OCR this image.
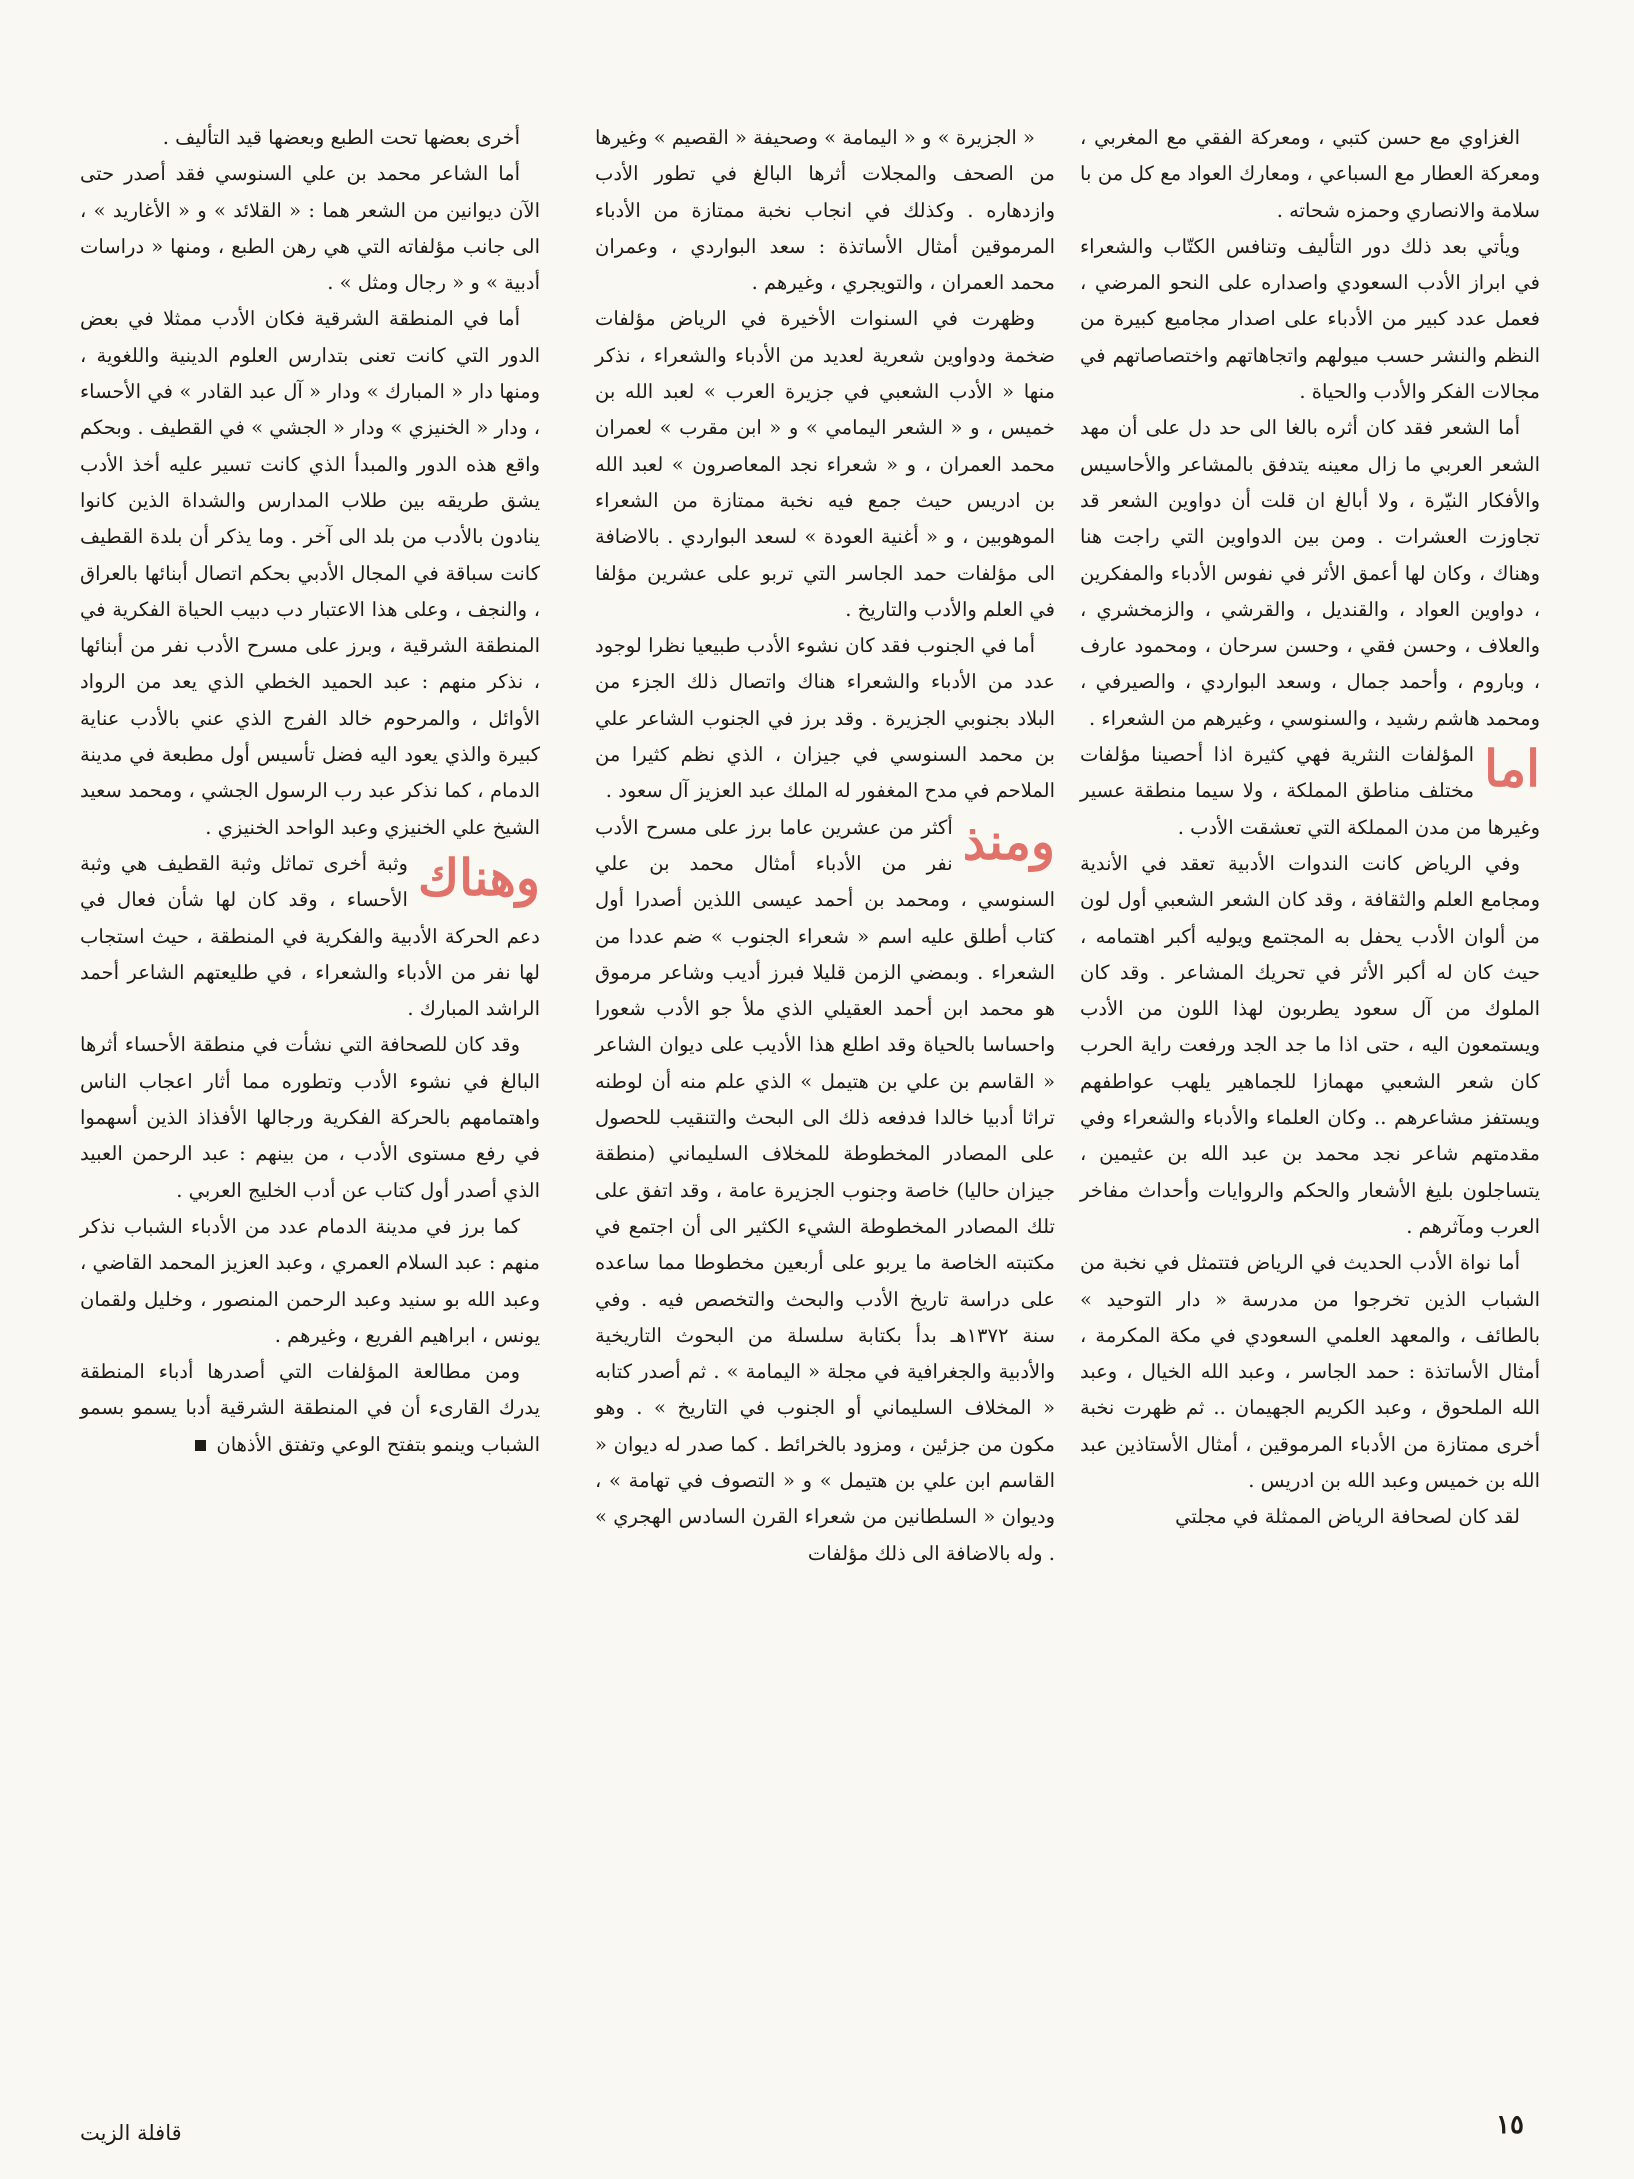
الغزاوي مع حسن كتبي ، ومعركة الفقي مع المغربي ، ومعركة العطار مع السباعي ، ومعارك العواد مع كل من با سلامة والانصاري وحمزه شحاته .

ويأتي بعد ذلك دور التأليف وتنافس الكتّاب والشعراء في ابراز الأدب السعودي واصداره على النحو المرضي ، فعمل عدد كبير من الأدباء على اصدار مجاميع كبيرة من النظم والنشر حسب ميولهم واتجاهاتهم واختصاصاتهم في مجالات الفكر والأدب والحياة .

أما الشعر فقد كان أثره بالغا الى حد دل على أن مهد الشعر العربي ما زال معينه يتدفق بالمشاعر والأحاسيس والأفكار النيّرة ، ولا أبالغ ان قلت أن دواوين الشعر قد تجاوزت العشرات . ومن بين الدواوين التي راجت هنا وهناك ، وكان لها أعمق الأثر في نفوس الأدباء والمفكرين ، دواوين العواد ، والقنديل ، والقرشي ، والزمخشري ، والعلاف ، وحسن فقي ، وحسن سرحان ، ومحمود عارف ، وباروم ، وأحمد جمال ، وسعد البواردي ، والصيرفي ، ومحمد هاشم رشيد ، والسنوسي ، وغيرهم من الشعراء .

اما
المؤلفات النثرية فهي كثيرة اذا أحصينا مؤلفات مختلف مناطق المملكة ، ولا سيما منطقة عسير وغيرها من مدن المملكة التي تعشقت الأدب .

وفي الرياض كانت الندوات الأدبية تعقد في الأندية ومجامع العلم والثقافة ، وقد كان الشعر الشعبي أول لون من ألوان الأدب يحفل به المجتمع ويوليه أكبر اهتمامه ، حيث كان له أكبر الأثر في تحريك المشاعر . وقد كان الملوك من آل سعود يطربون لهذا اللون من الأدب ويستمعون اليه ، حتى اذا ما جد الجد ورفعت راية الحرب كان شعر الشعبي مهمازا للجماهير يلهب عواطفهم ويستفز مشاعرهم .. وكان العلماء والأدباء والشعراء وفي مقدمتهم شاعر نجد محمد بن عبد الله بن عثيمين ، يتساجلون بليغ الأشعار والحكم والروايات وأحداث مفاخر العرب ومآثرهم .

أما نواة الأدب الحديث في الرياض فتتمثل في نخبة من الشباب الذين تخرجوا من مدرسة « دار التوحيد » بالطائف ، والمعهد العلمي السعودي في مكة المكرمة ، أمثال الأساتذة : حمد الجاسر ، وعبد الله الخيال ، وعبد الله الملحوق ، وعبد الكريم الجهيمان .. ثم ظهرت نخبة أخرى ممتازة من الأدباء المرموقين ، أمثال الأستاذين عبد الله بن خميس وعبد الله بن ادريس .

لقد كان لصحافة الرياض الممثلة في مجلتي

« الجزيرة » و « اليمامة » وصحيفة « القصيم » وغيرها من الصحف والمجلات أثرها البالغ في تطور الأدب وازدهاره . وكذلك في انجاب نخبة ممتازة من الأدباء المرموقين أمثال الأساتذة : سعد البواردي ، وعمران محمد العمران ، والتويجري ، وغيرهم .

وظهرت في السنوات الأخيرة في الرياض مؤلفات ضخمة ودواوين شعرية لعديد من الأدباء والشعراء ، نذكر منها « الأدب الشعبي في جزيرة العرب » لعبد الله بن خميس ، و « الشعر اليمامي » و « ابن مقرب » لعمران محمد العمران ، و « شعراء نجد المعاصرون » لعبد الله بن ادريس حيث جمع فيه نخبة ممتازة من الشعراء الموهوبين ، و « أغنية العودة » لسعد البواردي . بالاضافة الى مؤلفات حمد الجاسر التي تربو على عشرين مؤلفا في العلم والأدب والتاريخ .

أما في الجنوب فقد كان نشوء الأدب طبيعيا نظرا لوجود عدد من الأدباء والشعراء هناك واتصال ذلك الجزء من البلاد بجنوبي الجزيرة . وقد برز في الجنوب الشاعر علي بن محمد السنوسي في جيزان ، الذي نظم كثيرا من الملاحم في مدح المغفور له الملك عبد العزيز آل سعود .

ومنذ
أكثر من عشرين عاما برز على مسرح الأدب نفر من الأدباء أمثال محمد بن علي السنوسي ، ومحمد بن أحمد عيسى اللذين أصدرا أول كتاب أطلق عليه اسم « شعراء الجنوب » ضم عددا من الشعراء . وبمضي الزمن قليلا فبرز أديب وشاعر مرموق هو محمد ابن أحمد العقيلي الذي ملأ جو الأدب شعورا واحساسا بالحياة وقد اطلع هذا الأديب على ديوان الشاعر « القاسم بن علي بن هتيمل » الذي علم منه أن لوطنه تراثا أدبيا خالدا فدفعه ذلك الى البحث والتنقيب للحصول على المصادر المخطوطة للمخلاف السليماني (منطقة جيزان حاليا) خاصة وجنوب الجزيرة عامة ، وقد اتفق على تلك المصادر المخطوطة الشيء الكثير الى أن اجتمع في مكتبته الخاصة ما يربو على أربعين مخطوطا مما ساعده على دراسة تاريخ الأدب والبحث والتخصص فيه . وفي سنة ١٣٧٢هـ بدأ بكتابة سلسلة من البحوث التاريخية والأدبية والجغرافية في مجلة « اليمامة » . ثم أصدر كتابه « المخلاف السليماني أو الجنوب في التاريخ » . وهو مكون من جزئين ، ومزود بالخرائط . كما صدر له ديوان « القاسم ابن علي بن هتيمل » و « التصوف في تهامة » ، وديوان « السلطانين من شعراء القرن السادس الهجري » . وله بالاضافة الى ذلك مؤلفات

أخرى بعضها تحت الطبع وبعضها قيد التأليف .

أما الشاعر محمد بن علي السنوسي فقد أصدر حتى الآن ديوانين من الشعر هما : « القلائد » و « الأغاريد » ، الى جانب مؤلفاته التي هي رهن الطبع ، ومنها « دراسات أدبية » و « رجال ومثل » .

أما في المنطقة الشرقية فكان الأدب ممثلا في بعض الدور التي كانت تعنى بتدارس العلوم الدينية واللغوية ، ومنها دار « المبارك » ودار « آل عبد القادر » في الأحساء ، ودار « الخنيزي » ودار « الجشي » في القطيف . وبحكم واقع هذه الدور والمبدأ الذي كانت تسير عليه أخذ الأدب يشق طريقه بين طلاب المدارس والشداة الذين كانوا ينادون بالأدب من بلد الى آخر . وما يذكر أن بلدة القطيف كانت سباقة في المجال الأدبي بحكم اتصال أبنائها بالعراق ، والنجف ، وعلى هذا الاعتبار دب دبيب الحياة الفكرية في المنطقة الشرقية ، وبرز على مسرح الأدب نفر من أبنائها ، نذكر منهم : عبد الحميد الخطي الذي يعد من الرواد الأوائل ، والمرحوم خالد الفرج الذي عني بالأدب عناية كبيرة والذي يعود اليه فضل تأسيس أول مطبعة في مدينة الدمام ، كما نذكر عبد رب الرسول الجشي ، ومحمد سعيد الشيخ علي الخنيزي وعبد الواحد الخنيزي .

وهناك
وثبة أخرى تماثل وثبة القطيف هي وثبة الأحساء ، وقد كان لها شأن فعال في دعم الحركة الأدبية والفكرية في المنطقة ، حيث استجاب لها نفر من الأدباء والشعراء ، في طليعتهم الشاعر أحمد الراشد المبارك .

وقد كان للصحافة التي نشأت في منطقة الأحساء أثرها البالغ في نشوء الأدب وتطوره مما أثار اعجاب الناس واهتمامهم بالحركة الفكرية ورجالها الأفذاذ الذين أسهموا في رفع مستوى الأدب ، من بينهم : عبد الرحمن العبيد الذي أصدر أول كتاب عن أدب الخليج العربي .

كما برز في مدينة الدمام عدد من الأدباء الشباب نذكر منهم : عبد السلام العمري ، وعبد العزيز المحمد القاضي ، وعبد الله بو سنيد وعبد الرحمن المنصور ، وخليل ولقمان يونس ، ابراهيم الفريع ، وغيرهم .

ومن مطالعة المؤلفات التي أصدرها أدباء المنطقة يدرك القارىء أن في المنطقة الشرقية أدبا يسمو بسمو الشباب وينمو بتفتح الوعي وتفتق الأذهان

١٥
قافلة الزيت
